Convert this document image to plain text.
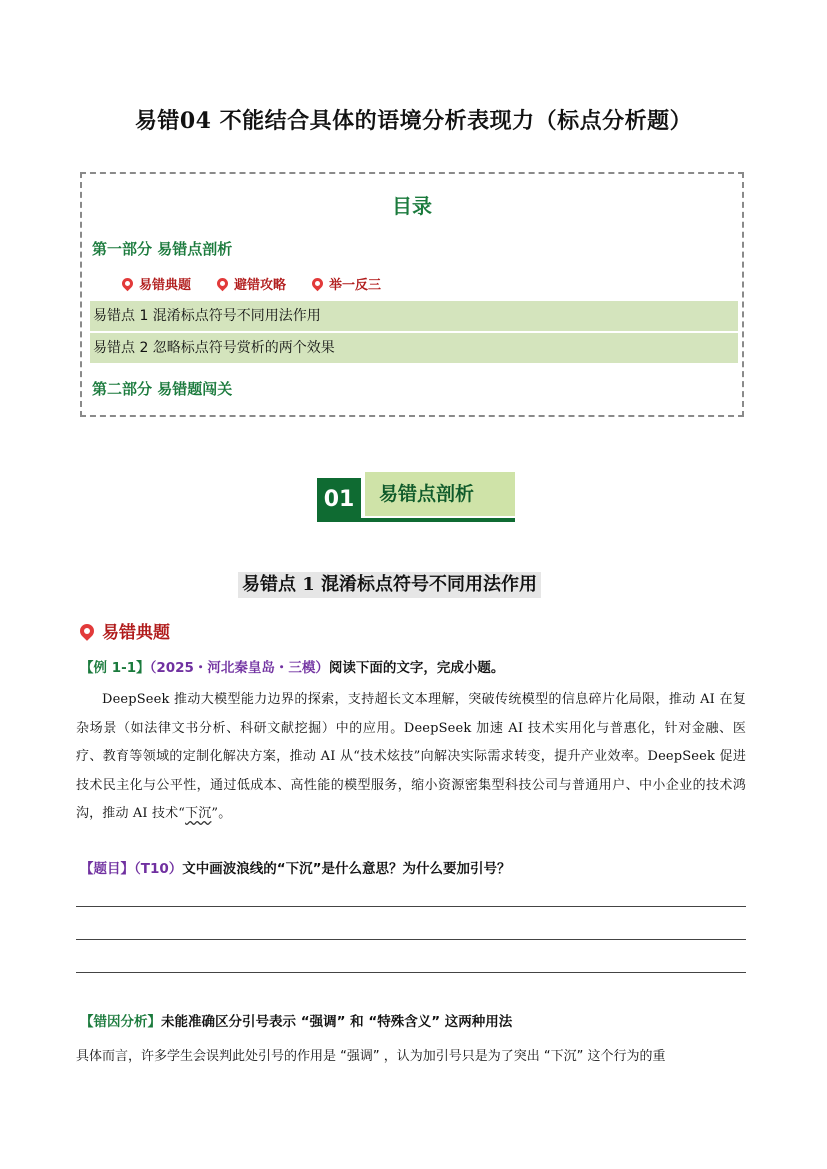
易错04 不能结合具体的语境分析表现力（标点分析题）
目录
第一部分 易错点剖析
易错典题	避错攻略	举一反三
易错点 1 混淆标点符号不同用法作用
易错点 2 忽略标点符号赏析的两个效果
第二部分 易错题闯关
01	易错点剖析
易错点 1 混淆标点符号不同用法作用
易错典题
【例 1-1】（2025・河北秦皇岛・三模）阅读下面的文字，完成小题。

DeepSeek 推动大模型能力边界的探索，支持超长文本理解，突破传统模型的信息碎片化局限，推动 AI 在复杂场景（如法律文书分析、科研文献挖掘）中的应用。DeepSeek 加速 AI 技术实用化与普惠化，针对金融、医疗、教育等领域的定制化解决方案，推动 AI 从“技术炫技”向解决实际需求转变，提升产业效率。DeepSeek 促进技术民主化与公平性，通过低成本、高性能的模型服务，缩小资源密集型科技公司与普通用户、中小企业的技术鸿沟，推动 AI 技术“下沉”。

【题目】（T10）文中画波浪线的“下沉”是什么意思？为什么要加引号？
【错因分析】未能准确区分引号表示 “强调” 和 “特殊含义” 这两种用法
具体而言，许多学生会误判此处引号的作用是 “强调” ，认为加引号只是为了突出 “下沉” 这个行为的重
